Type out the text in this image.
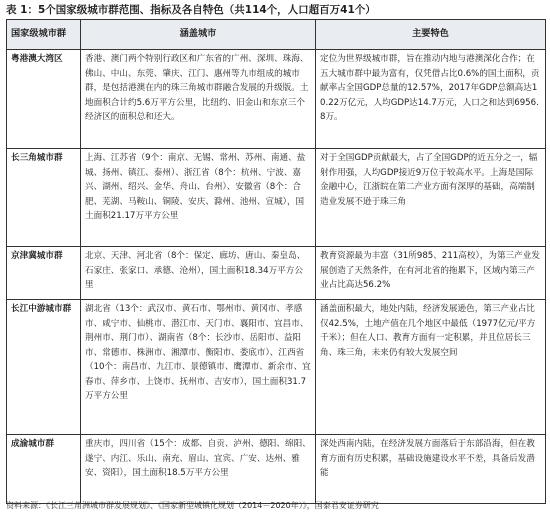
表 1：5个国家级城市群范围、指标及各自特色（共114个，人口超百万41个）
国家级城市群	涵盖城市	主要特色
粤港澳大湾区	香港、澳门两个特别行政区和广东省的广州、深圳、珠海、佛山、中山、东莞、肇庆、江门、惠州等九市组成的城市群，是包括港澳在内的珠三角城市群融合发展的升级版。土地面积合计约5.6万平方公里，比纽约、旧金山和东京三个经济区的面积总和还大。	定位为世界级城市群，旨在推动内地与港澳深化合作；在五大城市群中最为富有，仅凭借占比0.6%的国土面积，贡献率占全国GDP总量的12.57%，2017年GDP总额高达10.22万亿元，人均GDP达14.7万元，人口之和达到6956.8万。
长三角城市群	上海、江苏省（9个：南京、无锡、常州、苏州、南通、盐城、扬州、镇江、泰州）、浙江省（8个：杭州、宁波、嘉兴、湖州、绍兴、金华、舟山、台州）、安徽省（8个：合肥、芜湖、马鞍山、铜陵、安庆、滁州、池州、宣城），国土面积21.17万平方公里	对于全国GDP贡献最大，占了全国GDP的近五分之一，辐射作用强，人均GDP接近9万位于较高水平。上海是国际金融中心，江浙皖在第二产业方面有深厚的基础，高端制造业发展不逊于珠三角
京津冀城市群	北京、天津、河北省（8个：保定、廊坊、唐山、秦皇岛、石家庄、张家口、承德、沧州），国土面积18.34万平方公里	教育资源最为丰富（31所985、211高校），为第三产业发展创造了天然条件，在有河北省的拖累下，区域内第三产业占比高达56.2%
长江中游城市群	湖北省（13个：武汉市、黄石市、鄂州市、黄冈市、孝感市、咸宁市、仙桃市、潜江市、天门市、襄阳市、宜昌市、荆州市、荆门市）、湖南省（8个：长沙市、岳阳市、益阳市、常德市、株洲市、湘潭市、衡阳市、娄底市）、江西省（10个：南昌市、九江市、景德镇市、鹰潭市、新余市、宜春市、萍乡市、上饶市、抚州市、吉安市），国土面积31.7万平方公里	涵盖面积最大，地处内陆，经济发展逊色，第三产业占比仅42.5%，土地产值在几个地区中最低（1977亿元/平方千米）；但在人口、教育方面有一定积累，并且位居长三角、珠三角，未来仍有较大发展空间
成渝城市群	重庆市，四川省（15个：成都、自贡、泸州、德阳、绵阳、遂宁、内江、乐山、南充、眉山、宜宾、广安、达州、雅安、资阳），国土面积18.5万平方公里	深处西南内陆，在经济发展方面落后于东部沿海，但在教育方面有历史积累，基础设施建设水平不差，具备后发潜能
资料来源：《长江三角洲城市群发展规划》、《国家新型城镇化规划（2014－2020年）》，国泰君安证券研究
